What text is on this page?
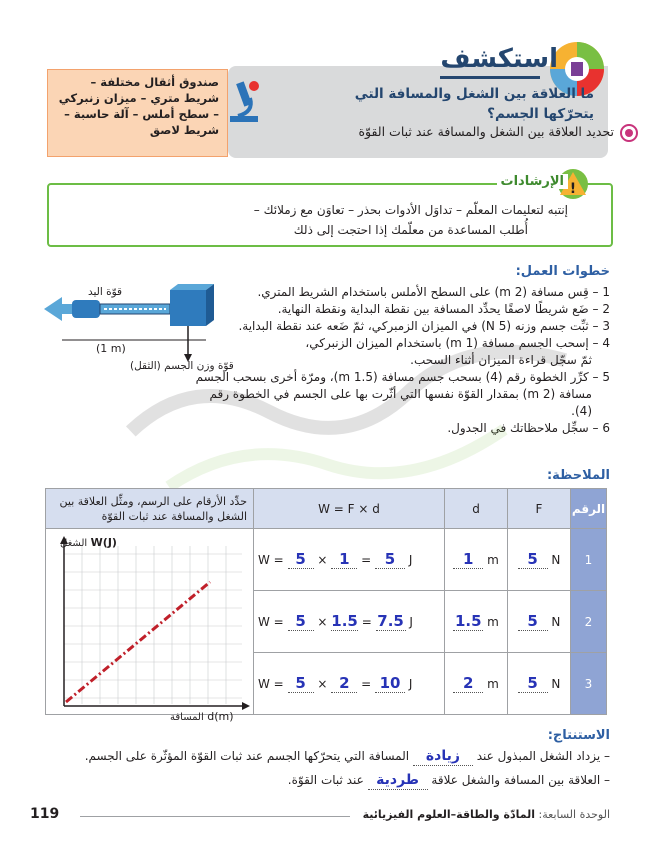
استكشف
ما العلاقة بين الشغل والمسافة التي يتحرّكها الجسم؟
تحديد العلاقة بين الشغل والمسافة عند ثبات القوّة
صندوق أثقال مختلفة – شريط متري – ميزان زنبركي – سطح أملس – آلة حاسبة – شريط لاصق
!
الإرشادات
إنتبه لتعليمات المعلّم – تداوَل الأدوات بحذر – تعاوَن مع زملائك –
أُطلب المساعدة من معلّمك إذا احتجت إلى ذلك
خطوات العمل:
1 – قِس مسافة (2 m) على السطح الأملس باستخدام الشريط المتري.
2 – ضَع شريطًا لاصقًا يحدِّد المسافة بين نقطة البداية ونقطة النهاية.
3 – ثبِّت جسم وزنه (5 N) في الميزان الزمبركي، ثمّ ضَعه عند نقطة البداية.
4 – إسحب الجسم مسافة (1 m) باستخدام الميزان الزنبركي،
ثمّ سجّل قراءة الميزان أثناء السحب.
5 – كرِّر الخطوة رقم (4) بسحب جسم مسافة (1.5 m)، ومرّة أخرى بسحب الجسم
مسافة (2 m) بمقدار القوّة نفسها التي أثّرت بها على الجسم في الخطوة رقم (4).
6 – سجِّل ملاحظاتك في الجدول.
قوّة اليد
(1 m)
قوّة وزن الجسم (الثقل)
الملاحظة:
الرقم	F	d	W = F × d	حدِّد الأرقام على الرسم، ومثِّل العلاقة بين الشغل والمسافة عند ثبات القوّة
1	5 N	1 m	W = 5 × 1 = 5 J	
2	5 N	1.5 m	W = 5 × 1.5 = 7.5 J	
3	5 N	2 m	W = 5 × 2 = 10 J	
W(J) الشغل
d(m) المسافة
الاستنتاج:
– يزداد الشغل المبذول عند زيادة المسافة التي يتحرّكها الجسم عند ثبات القوّة المؤثّرة على الجسم.
– العلاقة بين المسافة والشغل علاقة طردية عند ثبات القوّة.
الوحدة السابعة: المادّة والطاقة–العلوم الفيزيائية
119
